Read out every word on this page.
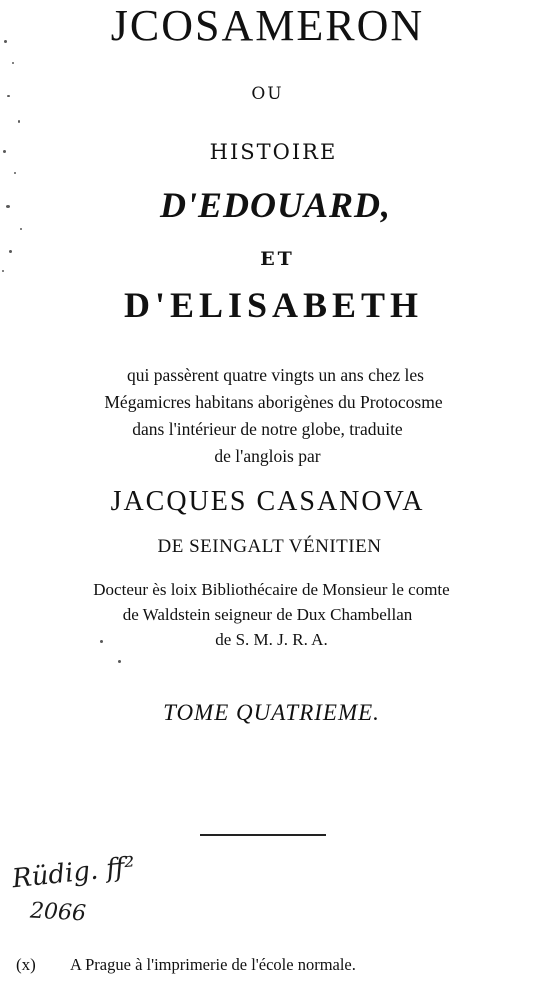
JCOSAMERON
OU
HISTOIRE
D'EDOUARD,
ET
D'ELISABETH
qui passèrent quatre vingts un ans chez les
Mégamicres habitans aborigènes du Protocosme
dans l'intérieur de notre globe, traduite
de l'anglois par
JACQUES CASANOVA
DE SEINGALT VÉNITIEN
Docteur ès loix Bibliothécaire de Monsieur le comte
de Waldstein seigneur de Dux Chambellan
de S. M. J. R. A.
TOME QUATRIEME.
Rüdig. ff²
2066
(x) A Prague à l'imprimerie de l'école normale.
